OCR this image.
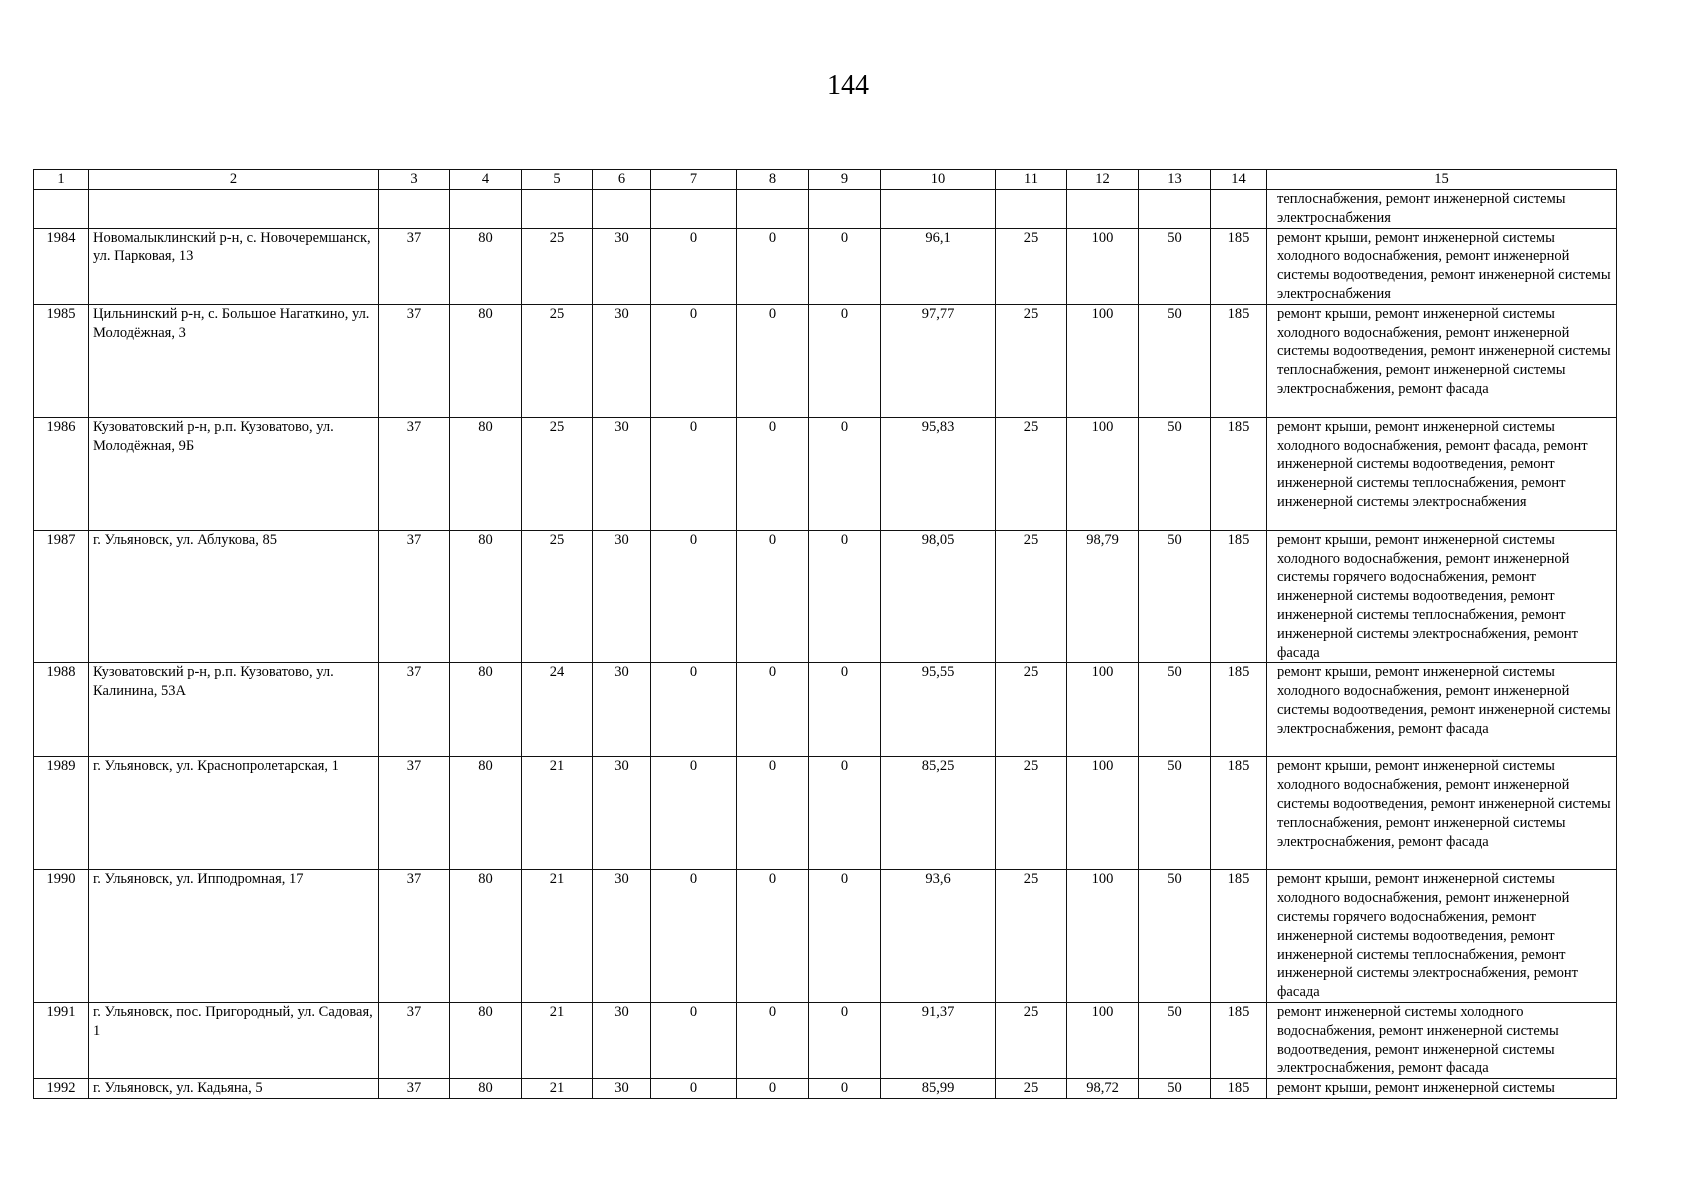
144
1	2	3	4	5	6	7	8	9	10	11	12	13	14	15
														теплоснабжения, ремонт инженерной системы электроснабжения
1984	Новомалыклинский р-н, с. Новочеремшанск, ул. Парковая, 13	37	80	25	30	0	0	0	96,1	25	100	50	185	ремонт крыши, ремонт инженерной системы холодного водоснабжения, ремонт инженерной системы водоотведения, ремонт инженерной системы электроснабжения
1985	Цильнинский р-н, с. Большое Нагаткино, ул. Молодёжная, 3	37	80	25	30	0	0	0	97,77	25	100	50	185	ремонт крыши, ремонт инженерной системы холодного водоснабжения, ремонт инженерной системы водоотведения, ремонт инженерной системы теплоснабжения, ремонт инженерной системы электроснабжения, ремонт фасада
1986	Кузоватовский р-н, р.п. Кузоватово, ул. Молодёжная, 9Б	37	80	25	30	0	0	0	95,83	25	100	50	185	ремонт крыши, ремонт инженерной системы холодного водоснабжения, ремонт фасада, ремонт инженерной системы водоотведения, ремонт инженерной системы теплоснабжения, ремонт инженерной системы электроснабжения
1987	г. Ульяновск, ул. Аблукова, 85	37	80	25	30	0	0	0	98,05	25	98,79	50	185	ремонт крыши, ремонт инженерной системы холодного водоснабжения, ремонт инженерной системы горячего водоснабжения, ремонт инженерной системы водоотведения, ремонт инженерной системы теплоснабжения, ремонт инженерной системы электроснабжения, ремонт фасада
1988	Кузоватовский р-н, р.п. Кузоватово, ул. Калинина, 53А	37	80	24	30	0	0	0	95,55	25	100	50	185	ремонт крыши, ремонт инженерной системы холодного водоснабжения, ремонт инженерной системы водоотведения, ремонт инженерной системы электроснабжения, ремонт фасада
1989	г. Ульяновск, ул. Краснопролетарская, 1	37	80	21	30	0	0	0	85,25	25	100	50	185	ремонт крыши, ремонт инженерной системы холодного водоснабжения, ремонт инженерной системы водоотведения, ремонт инженерной системы теплоснабжения, ремонт инженерной системы электроснабжения, ремонт фасада
1990	г. Ульяновск, ул. Ипподромная, 17	37	80	21	30	0	0	0	93,6	25	100	50	185	ремонт крыши, ремонт инженерной системы холодного водоснабжения, ремонт инженерной системы горячего водоснабжения, ремонт инженерной системы водоотведения, ремонт инженерной системы теплоснабжения, ремонт инженерной системы электроснабжения, ремонт фасада
1991	г. Ульяновск, пос. Пригородный, ул. Садовая, 1	37	80	21	30	0	0	0	91,37	25	100	50	185	ремонт инженерной системы холодного водоснабжения, ремонт инженерной системы водоотведения, ремонт инженерной системы электроснабжения, ремонт фасада
1992	г. Ульяновск, ул. Кадьяна, 5	37	80	21	30	0	0	0	85,99	25	98,72	50	185	ремонт крыши, ремонт инженерной системы
